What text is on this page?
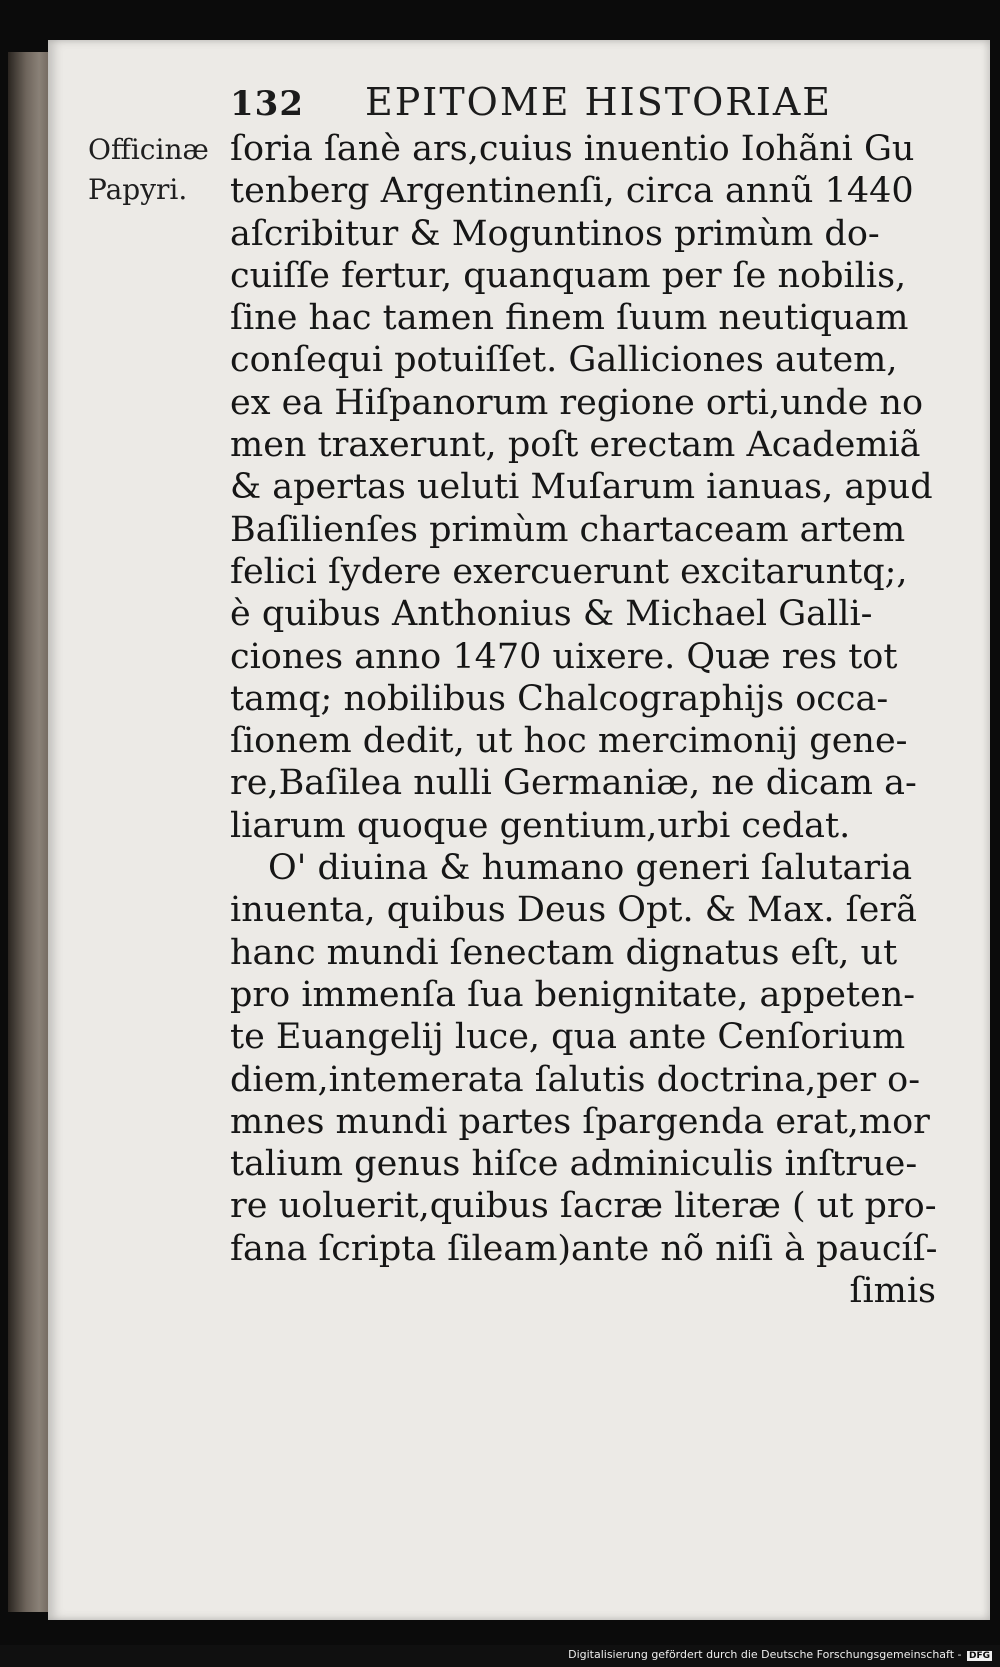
132 EPITOME HISTORIAE
Officinæ
Papyri.
ſoria ſanè ars,cuius inuentio Iohãni Gu
tenberg Argentinenſi, circa annũ 1440
aſcribitur & Moguntinos primùm do-
cuiſſe fertur, quanquam per ſe nobilis,
ſine hac tamen finem ſuum neutiquam
conſequi potuiſſet. Galliciones autem,
ex ea Hiſpanorum regione orti,unde no
men traxerunt, poſt erectam Academiã
& apertas ueluti Muſarum ianuas, apud
Baſilienſes primùm chartaceam artem
felici ſydere exercuerunt excitaruntq;,
è quibus Anthonius & Michael Galli-
ciones anno 1470 uixere. Quæ res tot
tamq; nobilibus Chalcographijs occa-
ſionem dedit, ut hoc mercimonij gene-
re,Baſilea nulli Germaniæ, ne dicam a-
liarum quoque gentium,urbi cedat.
O' diuina & humano generi ſalutaria
inuenta, quibus Deus Opt. & Max. ſerã
hanc mundi ſenectam dignatus eſt, ut
pro immenſa ſua benignitate, appeten-
te Euangelij luce, qua ante Cenſorium
diem,intemerata ſalutis doctrina,per o-
mnes mundi partes ſpargenda erat,mor
talium genus hiſce adminiculis inſtrue-
re uoluerit,quibus ſacræ literæ ( ut pro-
fana ſcripta ſileam)ante nõ niſi à paucíſ-
ſimis
Digitalisierung gefördert durch die Deutsche Forschungsgemeinschaft - DFG
